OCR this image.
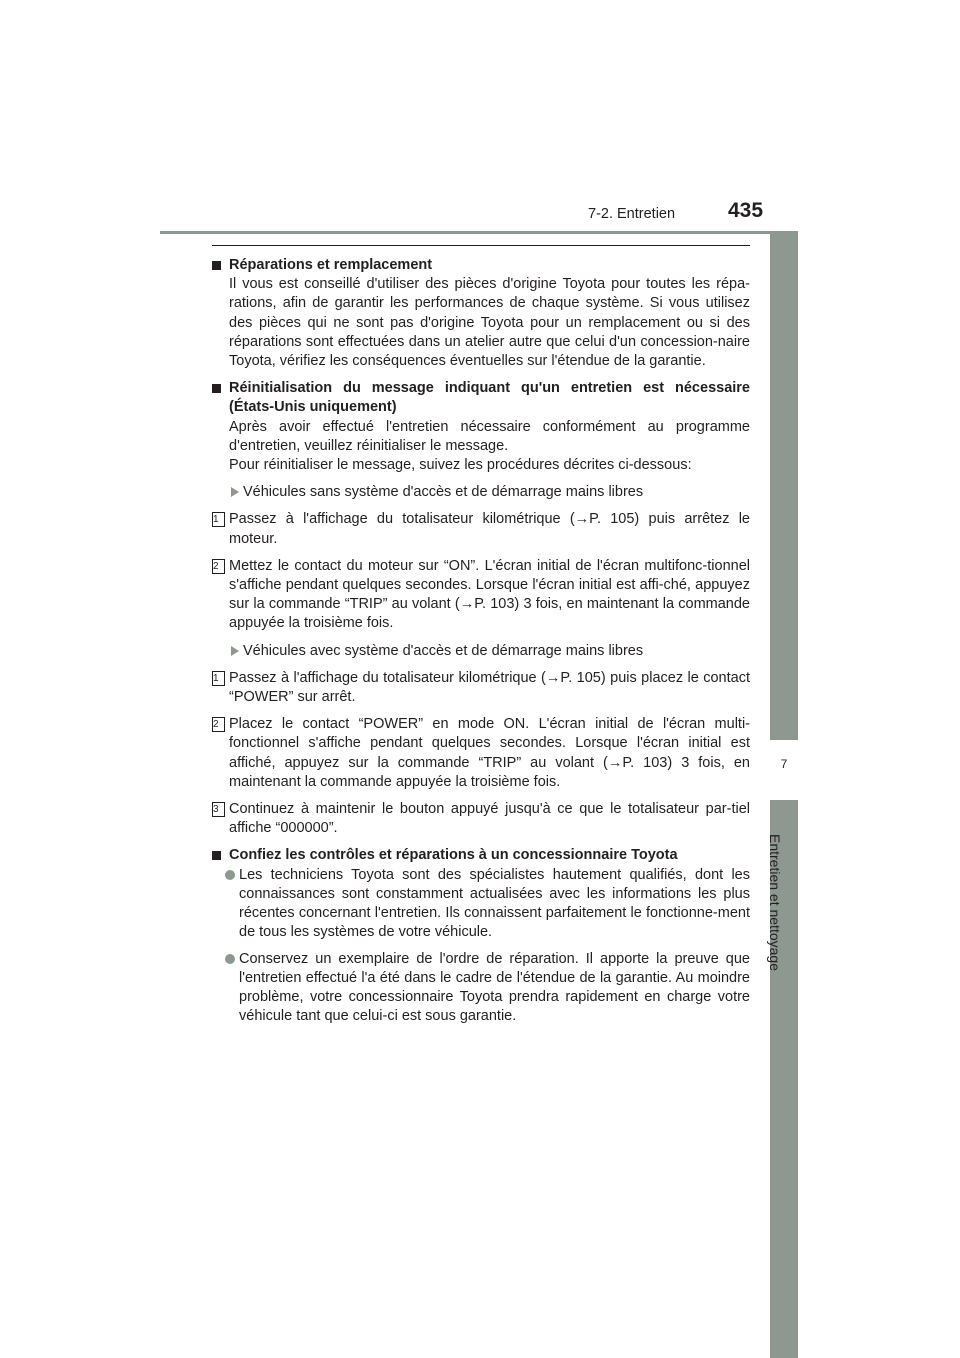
7-2. Entretien	435
7
Entretien et nettoyage

Réparations et remplacement

Il vous est conseillé d'utiliser des pièces d'origine Toyota pour toutes les répa-rations, afin de garantir les performances de chaque système. Si vous utilisez des pièces qui ne sont pas d'origine Toyota pour un remplacement ou si des réparations sont effectuées dans un atelier autre que celui d'un concession-naire Toyota, vérifiez les conséquences éventuelles sur l'étendue de la garantie.

Réinitialisation du message indiquant qu'un entretien est nécessaire (États-Unis uniquement)

Après avoir effectué l'entretien nécessaire conformément au programme d'entretien, veuillez réinitialiser le message.

Pour réinitialiser le message, suivez les procédures décrites ci-dessous:

Véhicules sans système d'accès et de démarrage mains libres

1 Passez à l'affichage du totalisateur kilométrique (→P. 105) puis arrêtez le moteur.

2 Mettez le contact du moteur sur “ON”. L'écran initial de l'écran multifonc-tionnel s'affiche pendant quelques secondes. Lorsque l'écran initial est affi-ché, appuyez sur la commande “TRIP” au volant (→P. 103) 3 fois, en maintenant la commande appuyée la troisième fois.

Véhicules avec système d'accès et de démarrage mains libres

1 Passez à l'affichage du totalisateur kilométrique (→P. 105) puis placez le contact “POWER” sur arrêt.

2 Placez le contact “POWER” en mode ON. L'écran initial de l'écran multi-fonctionnel s'affiche pendant quelques secondes. Lorsque l'écran initial est affiché, appuyez sur la commande “TRIP” au volant (→P. 103) 3 fois, en maintenant la commande appuyée la troisième fois.

3 Continuez à maintenir le bouton appuyé jusqu'à ce que le totalisateur par-tiel affiche “000000”.

Confiez les contrôles et réparations à un concessionnaire Toyota

Les techniciens Toyota sont des spécialistes hautement qualifiés, dont les connaissances sont constamment actualisées avec les informations les plus récentes concernant l'entretien. Ils connaissent parfaitement le fonctionne-ment de tous les systèmes de votre véhicule.

Conservez un exemplaire de l'ordre de réparation. Il apporte la preuve que l'entretien effectué l'a été dans le cadre de l'étendue de la garantie. Au moindre problème, votre concessionnaire Toyota prendra rapidement en charge votre véhicule tant que celui-ci est sous garantie.
